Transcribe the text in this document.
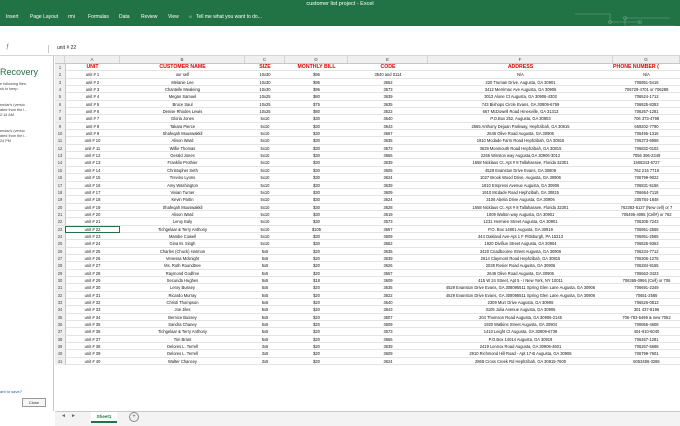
customer list project - Excel
Insert Page Layout rmi	Formulas Data Review View ☼ Tell me what you want to do...
ƒ	unit # 22
Recovery
e following files.
sh to keep.
endar's (versio
ated from the l...
2:14 AM
endar's (versio
ated from the l...
24 PM
ant to save?
Close
A	B	C	D	E	F	G
1	UNIT	CUSTOMER NAME	SIZE	MONTHLY BILL	CODE	ADDRESS	PHONE NUMBER (
2	unit # 1	our self	10x30	$95	3540 and 0114	N/A	N/A
3	unit # 2	Melanie Lee	10x30	$95	3652	220 Truman Drive, Augusta, GA 30901	706951-5416
4	unit # 3	Chantelle Mealeing	10x30	$95	3573	3412 Merrimac Ave Augusta, GA 30906	706729-4701 or 706288
5	unit # 4	Megan Samuel	10x25	$80	3639	3013 Alone Ct Augusta, GA 30906-4303	706524-1712
6	unit # 5	Bruce Saul	10x25	$75	3635	743 Bishops Circle Evans, GA 30809-6759	706825-8353
7	unit # 6	Denise Rhodes Lewis	10x25	$80	3622	667 McDowell Road Hinesville, GA 31313	706267-1281
8	unit # 7	Gloria Jones	5x10	$30	3640	P.O.Box 252, Augusta, GA 30903	706 373-4798
9	unit # 8	Takara Pierce	5x10	$30	3643	2565 Anthony Dejuan Parkway, Hephzibah, GA 30815	659202-7790
10	unit # 9	Shafeqah Muuswakkil	5x10	$30	3667	2645 Olive Road Augusta, GA 30906	706495-1316
11	unit # 10	Alison Ward	5x10	$30	3635	1910 Mcdade Farm Road Hephzibah, GA 30815	706373-6958
12	unit # 11	Willie Thomas	5x10	$30	3573	3629 Monmouth Road Hephzibah, GA 30815	706832-0102
13	unit # 12	Gerald Jones	5x10	$30	3656	2266 Winston way Augusta,GA 30906-3012	7056 396-2349
14	unit # 13	Franklin Prothier	5x10	$30	3639	1658 Nicklaus Ct. Apt # 8 Tallahassee, Florida 32301	1508343-6727
15	unit # 14	Christopher Seth	5x10	$30	3605	4529 Evanston Drive Evans, GA 30809	762 215 7719
16	unit # 15	Trevino Lyons	5x10	$30	3624	1027 Brook Wood Drive, Augusta, GA 30906	706799-9022
17	unit # 16	Amy Washington	5x10	$30	3639	1810 Empress Avenue Augusta, GA 30906	706831-5156
18	unit # 17	Vivian Turner	5x10	$30	3609	1910 Mcdade Road Hephzibah, GA 30815	706664-7119
19	unit # 18	Kevin Partin	5x10	$30	3624	3106 Abelia Drive Augusta, GA 30906	205784-1848
20	unit # 19	Shafeqah Muuswakkil	5x10	$30	3628	1658 Nicklaus Ct. Apt # 8 Tallahassee, Florida 32301	762383-5127 (New cell) or 7
21	unit # 20	Alison Ward	5x10	$30	3619	1009 Walton way Augusta, GA 30901	706495-4085 (Cell#) or 762
22	unit # 21	Leroy Ealy	5x10	$30	3573	1231 Hermien Street Augusta, GA 30901	706305-7243
23	unit # 22	Tichgelaar & Terry Anthony	5x10	$105	3657	P.O. Box 14801 Augusta, GA 30919	706951-2565
24	unit # 23	Mambe Cowell	5x10	$30	3609	344 Oakland Ave-Apt 1 F Pittsburgh, PA 15213	706951-2565
25	unit # 24	Gina M. Singh	5x10	$30	3652	1920 Divifiun Street Augusta, GA 30904	706825-9363
26	unit # 25	Charles (Chuck) Harmon	5x5	$20	3635	3420 Cnadbourne Street Augusta, GA 30906	706234-7712
27	unit # 26	Venessa Mcknight	5x5	$20	3639	2614 Claymont Road Hephzibah, GA 30815	706306-1275
28	unit # 27	Ms. Ruth Roundtree	5x5	$20	3626	2028 Rosier Road Augusta, GA 30906	706284-9155
29	unit # 28	Raymond Godfree	5x5	$20	3657	2645 Olive Road Augusta, GA 30906	706663-3423
30	unit # 29	Secunda Hughes	5x5	$18	3609	415 W 24 Street, Apt 5 - I New York, NY 10011	706365-0966 (Cell) or 706
31	unit # 30	Leroy Bussey	5x5	$20	3635	4529 Evanston Drive Evans, GA 308095511 Spring Glen Lane Augusta, GA 30906	706691-2349
32	unit # 31	Ricardo Murray	5x5	$20	3622	4529 Evanston Drive Evans, GA 308095511 Spring Glen Lane Augusta, GA 30906	70651-2585
33	unit # 32	Christi Thompson	5x5	$20	3640	2309 Murr Drive Augusta, GA 30906	706526-0813
34	unit # 33	Joe Jiles	5x5	$20	3643	3105 Julia Avenue Augusta, GA 30906	301 437-8196
35	unit # 34	Bernice Bussey	5x5	$20	3607	204 Thomson Road Augusta, GA 30906-2145	706-793-5499 & new 7062
36	unit # 35	Sandra Chaney	5x5	$20	3609	1920 Watkins Street Augusta, GA 30904	706955-4608
37	unit # 36	Tichgelaar & Terry Anthony	5x5	$20	3573	1410 Leight Ct Augusta, GA 30909-6738	404-910-6040
38	unit # 37	Tim Brant	5x5	$20	3656	P.O.Box 14014 Augusta, GA 30919	706267-1281
39	unit # 38	Delores L. Terrell	3x5	$20	3639	2419 Lennox Road Augusta, GA 30906-4601	706267-5698
40	unit # 39	Delores L. Terrell	3x5	$20	3609	2910 Richmond Hill Road - Apt 17-B Augusta, GA 30906	706799-7601
41	unit # 40	Walter Chancey	3x5	$20	3624	2868 Cross Creek Rd Hephzibah, GA 30815-7600	5053486-3286
◄ ►	Sheet1	+
